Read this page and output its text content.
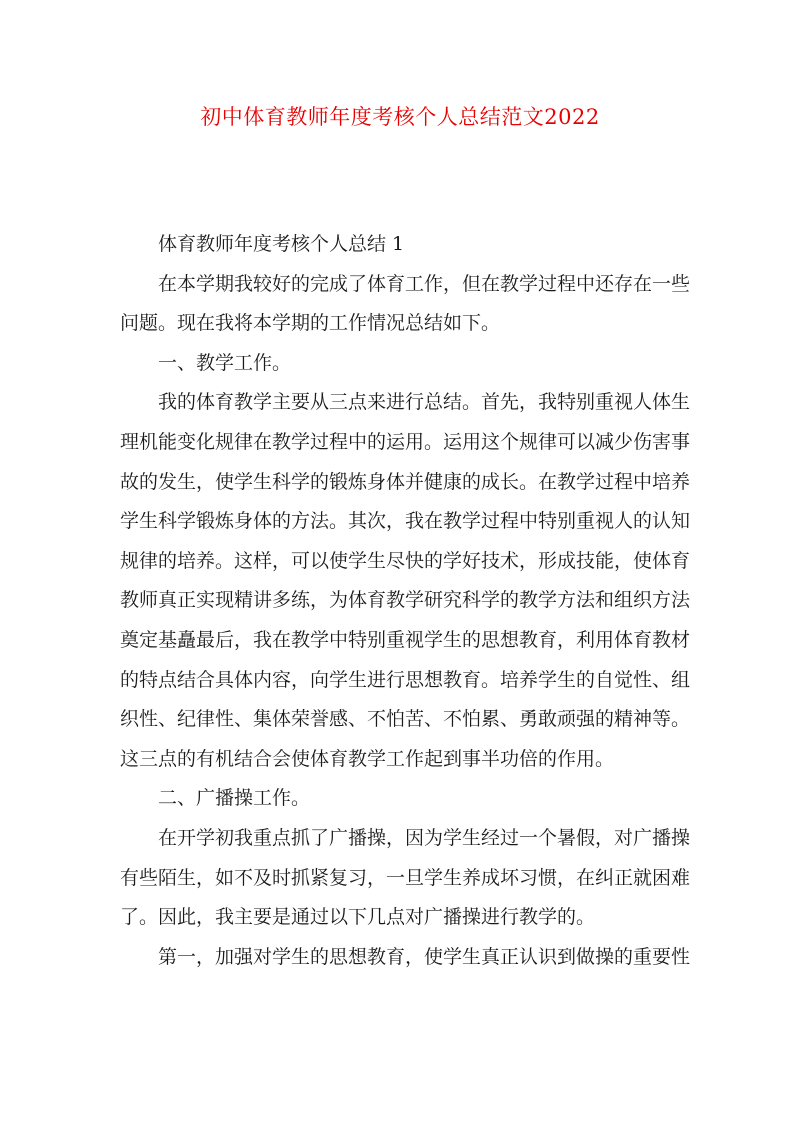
初中体育教师年度考核个人总结范文2022
体育教师年度考核个人总结 1
在本学期我较好的完成了体育工作，但在教学过程中还存在一些
问题。现在我将本学期的工作情况总结如下。
一、教学工作。
我的体育教学主要从三点来进行总结。首先，我特别重视人体生
理机能变化规律在教学过程中的运用。运用这个规律可以减少伤害事
故的发生，使学生科学的锻炼身体并健康的成长。在教学过程中培养
学生科学锻炼身体的方法。其次，我在教学过程中特别重视人的认知
规律的培养。这样，可以使学生尽快的学好技术，形成技能，使体育
教师真正实现精讲多练，为体育教学研究科学的教学方法和组织方法
奠定基矗最后，我在教学中特别重视学生的思想教育，利用体育教材
的特点结合具体内容，向学生进行思想教育。培养学生的自觉性、组
织性、纪律性、集体荣誉感、不怕苦、不怕累、勇敢顽强的精神等。
这三点的有机结合会使体育教学工作起到事半功倍的作用。
二、广播操工作。
在开学初我重点抓了广播操，因为学生经过一个暑假，对广播操
有些陌生，如不及时抓紧复习，一旦学生养成坏习惯，在纠正就困难
了。因此，我主要是通过以下几点对广播操进行教学的。
第一，加强对学生的思想教育，使学生真正认识到做操的重要性
